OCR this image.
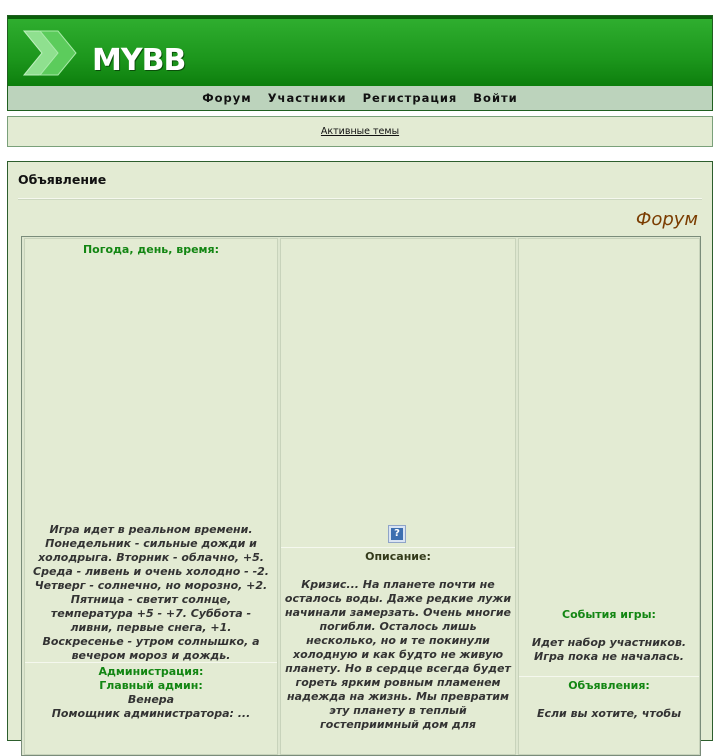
MYBB
Форум	Участники	Регистрация	Войти
Активные темы
Объявление
Форум
Погода, день, время:
Игра идет в реальном времени. Понедельник - сильные дожди и холодрыга. Вторник - облачно, +5. Среда - ливень и очень холодно - -2. Четверг - солнечно, но морозно, +2. Пятница - светит солнце, температура +5 - +7. Суббота - ливни, первые снега, +1. Воскресенье - утром солнышко, а вечером мороз и дождь.
Администрация:
Главный админ:
Венера
Помощник администратора: ...
?
Описание:
Кризис... На планете почти не осталось воды. Даже редкие лужи начинали замерзать. Очень многие погибли. Осталось лишь несколько, но и те покинули холодную и как будто не живую планету. Но в сердце всегда будет гореть ярким ровным пламенем надежда на жизнь. Мы превратим эту планету в теплый гостеприимный дом для
События игры:
Идет набор участников. Игра пока не началась.
Объявления:
Если вы хотите, чтобы
